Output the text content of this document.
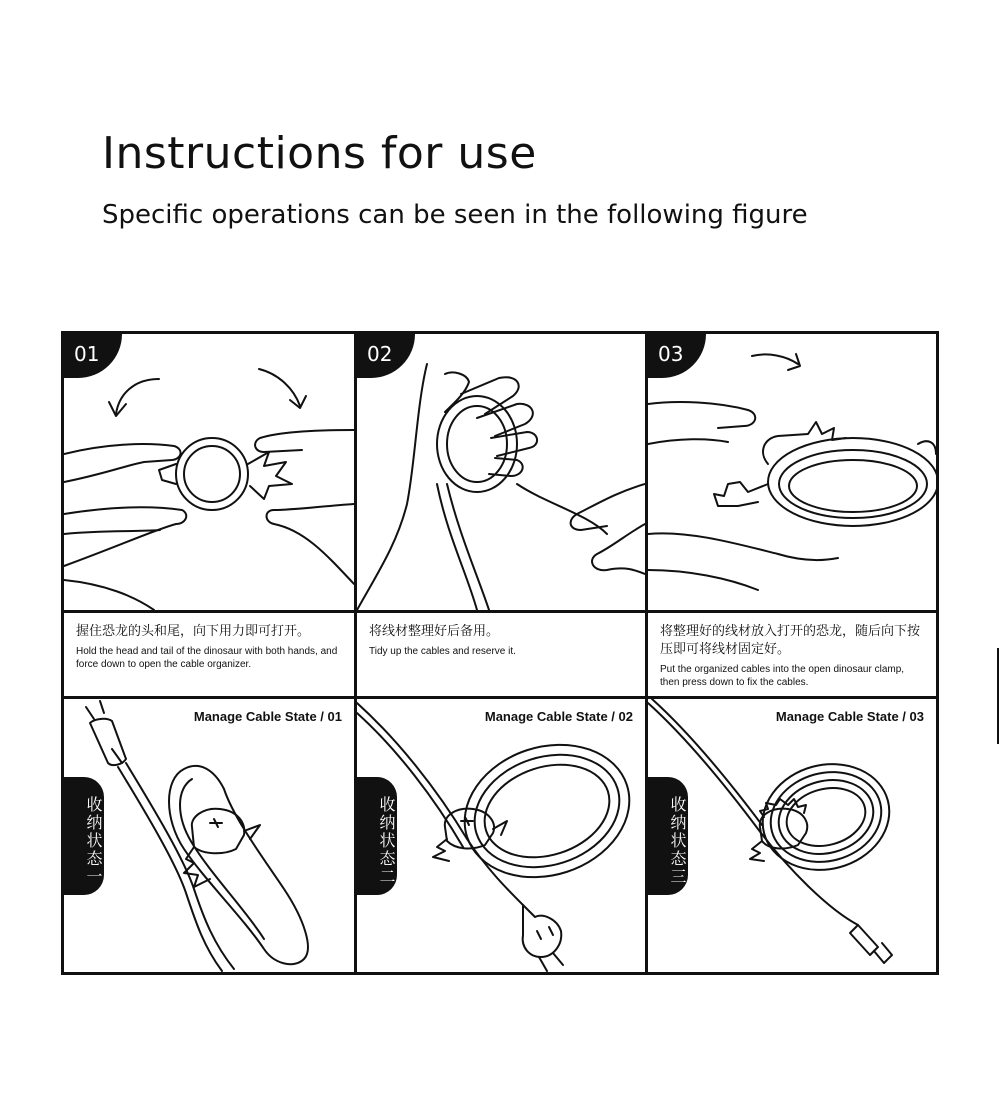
Instructions for use

Specific operations can be seen in the following figure

01	02	03

握住恐龙的头和尾，向下用力即可打开。

Hold the head and tail of the dinosaur with both hands, and force down to open the cable organizer.

将线材整理好后备用。

Tidy up the cables and reserve it.

将整理好的线材放入打开的恐龙，随后向下按压即可将线材固定好。

Put the organized cables into the open dinosaur clamp, then press down to fix the cables.

Manage Cable State / 01
收纳状态一
Manage Cable State / 02
收纳状态二
Manage Cable State / 03
收纳状态三
